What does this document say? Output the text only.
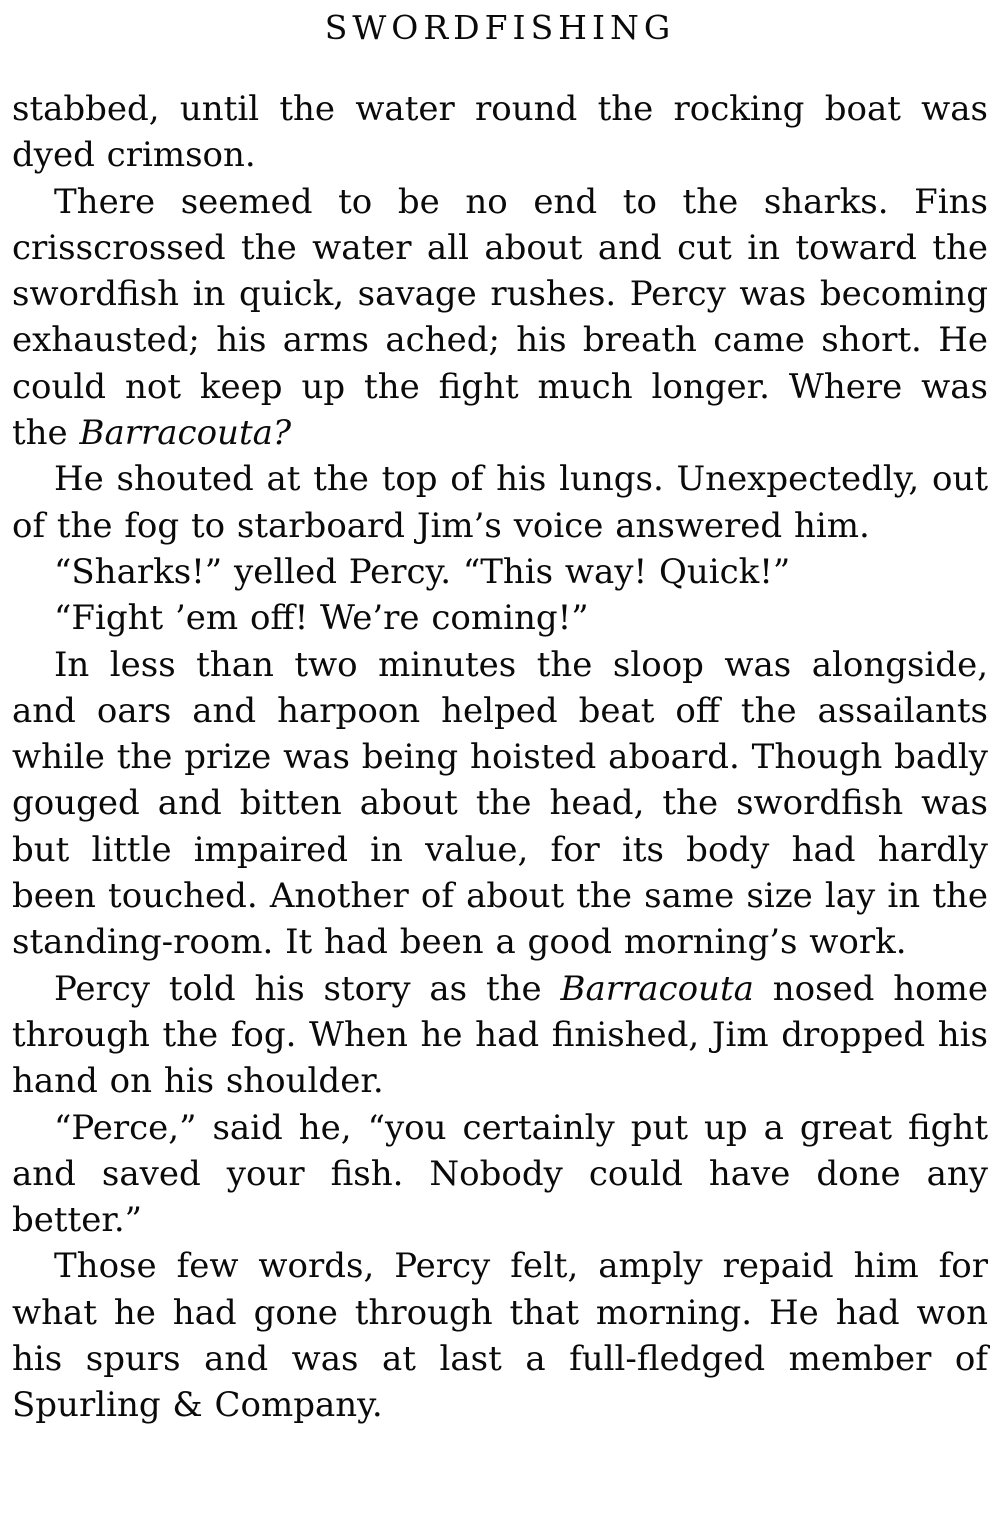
SWORDFISHING

stabbed, until the water round the rocking boat was dyed crimson.

There seemed to be no end to the sharks. Fins crisscrossed the water all about and cut in toward the swordfish in quick, savage rushes. Percy was becoming exhausted; his arms ached; his breath came short. He could not keep up the fight much longer. Where was the Barracouta?

He shouted at the top of his lungs. Unexpectedly, out of the fog to starboard Jim’s voice answered him.

“Sharks!” yelled Percy. “This way! Quick!”

“Fight ’em off! We’re coming!”

In less than two minutes the sloop was alongside, and oars and harpoon helped beat off the assailants while the prize was being hoisted aboard. Though badly gouged and bitten about the head, the swordfish was but little impaired in value, for its body had hardly been touched. Another of about the same size lay in the standing-room. It had been a good morning’s work.

Percy told his story as the Barracouta nosed home through the fog. When he had finished, Jim dropped his hand on his shoulder.

“Perce,” said he, “you certainly put up a great fight and saved your fish. Nobody could have done any better.”

Those few words, Percy felt, amply repaid him for what he had gone through that morning. He had won his spurs and was at last a full-fledged member of Spurling & Company.
